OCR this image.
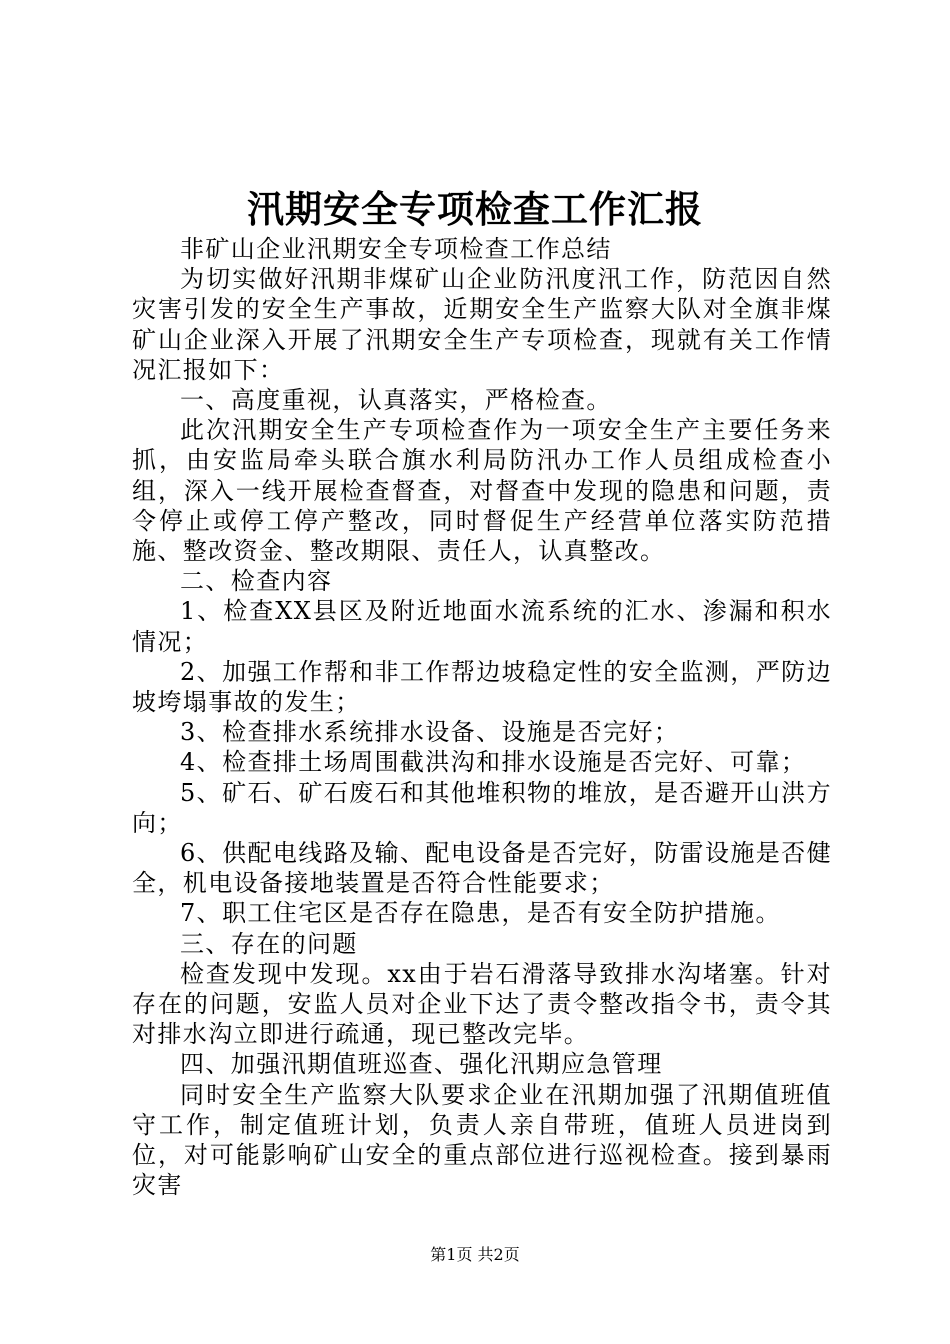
汛期安全专项检查工作汇报

非矿山企业汛期安全专项检查工作总结

为切实做好汛期非煤矿山企业防汛度汛工作，防范因自然灾害引发的安全生产事故，近期安全生产监察大队对全旗非煤矿山企业深入开展了汛期安全生产专项检查，现就有关工作情况汇报如下：

一、高度重视，认真落实，严格检查。

此次汛期安全生产专项检查作为一项安全生产主要任务来抓，由安监局牵头联合旗水利局防汛办工作人员组成检查小组，深入一线开展检查督查，对督查中发现的隐患和问题，责令停止或停工停产整改，同时督促生产经营单位落实防范措施、整改资金、整改期限、责任人，认真整改。

二、检查内容

1、检查XX县区及附近地面水流系统的汇水、渗漏和积水情况；

2、加强工作帮和非工作帮边坡稳定性的安全监测，严防边坡垮塌事故的发生；

3、检查排水系统排水设备、设施是否完好；

4、检查排土场周围截洪沟和排水设施是否完好、可靠；

5、矿石、矿石废石和其他堆积物的堆放，是否避开山洪方向；

6、供配电线路及输、配电设备是否完好，防雷设施是否健全，机电设备接地装置是否符合性能要求；

7、职工住宅区是否存在隐患，是否有安全防护措施。

三、存在的问题

检查发现中发现。xx由于岩石滑落导致排水沟堵塞。针对存在的问题，安监人员对企业下达了责令整改指令书，责令其对排水沟立即进行疏通，现已整改完毕。

四、加强汛期值班巡查、强化汛期应急管理

同时安全生产监察大队要求企业在汛期加强了汛期值班值守工作，制定值班计划，负责人亲自带班，值班人员进岗到位，对可能影响矿山安全的重点部位进行巡视检查。接到暴雨灾害

第1页 共2页
